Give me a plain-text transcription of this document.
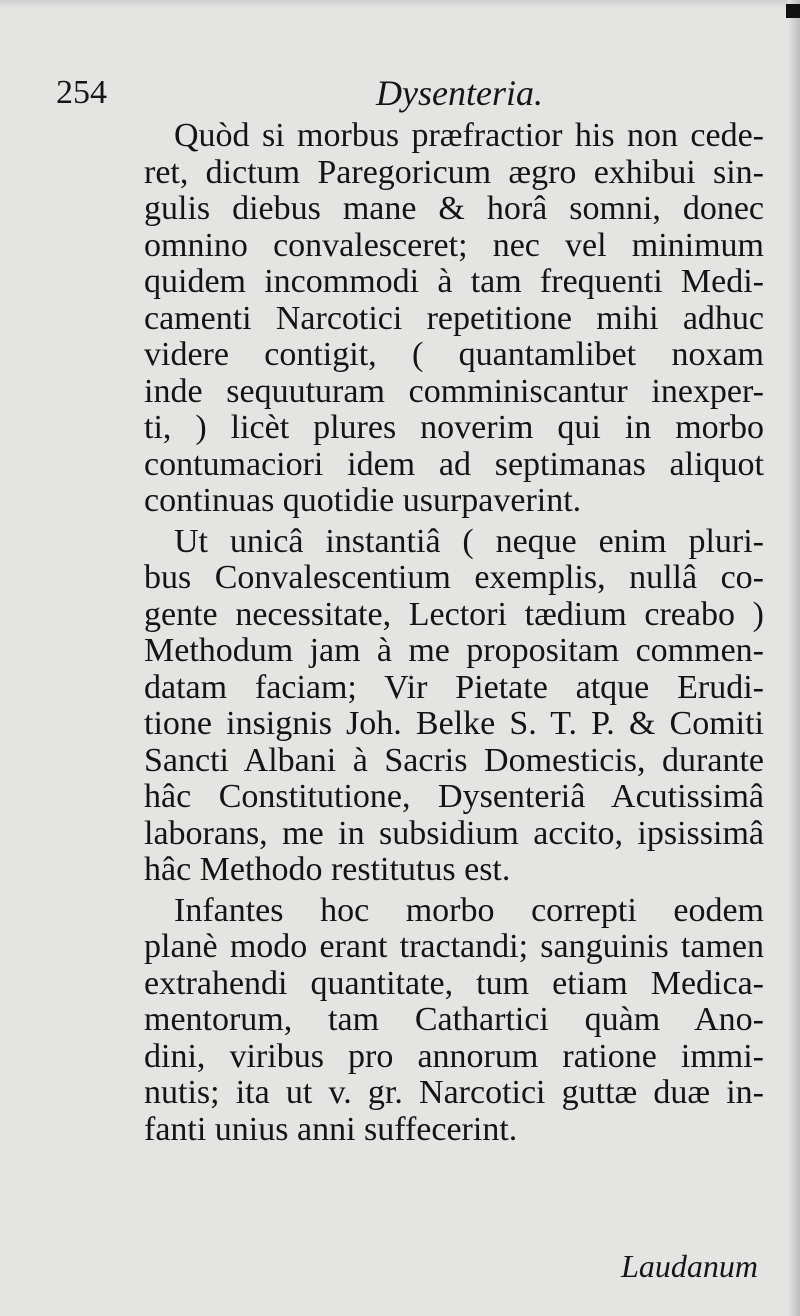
254	Dysenteria.
Quòd si morbus præfractior his non cede-
ret, dictum Paregoricum ægro exhibui sin-
gulis diebus mane & horâ somni, donec
omnino convalesceret; nec vel minimum
quidem incommodi à tam frequenti Medi-
camenti Narcotici repetitione mihi adhuc
videre contigit, ( quantamlibet noxam
inde sequuturam comminiscantur inexper-
ti, ) licèt plures noverim qui in morbo
contumaciori idem ad septimanas aliquot
continuas quotidie usurpaverint.
Ut unicâ instantiâ ( neque enim pluri-
bus Convalescentium exemplis, nullâ co-
gente necessitate, Lectori tædium creabo )
Methodum jam à me propositam commen-
datam faciam; Vir Pietate atque Erudi-
tione insignis Joh. Belke S. T. P. & Comiti
Sancti Albani à Sacris Domesticis, durante
hâc Constitutione, Dysenteriâ Acutissimâ
laborans, me in subsidium accito, ipsissimâ
hâc Methodo restitutus est.
Infantes hoc morbo correpti eodem
planè modo erant tractandi; sanguinis tamen
extrahendi quantitate, tum etiam Medica-
mentorum, tam Cathartici quàm Ano-
dini, viribus pro annorum ratione immi-
nutis; ita ut v. gr. Narcotici guttæ duæ in-
fanti unius anni suffecerint.
Laudanum
